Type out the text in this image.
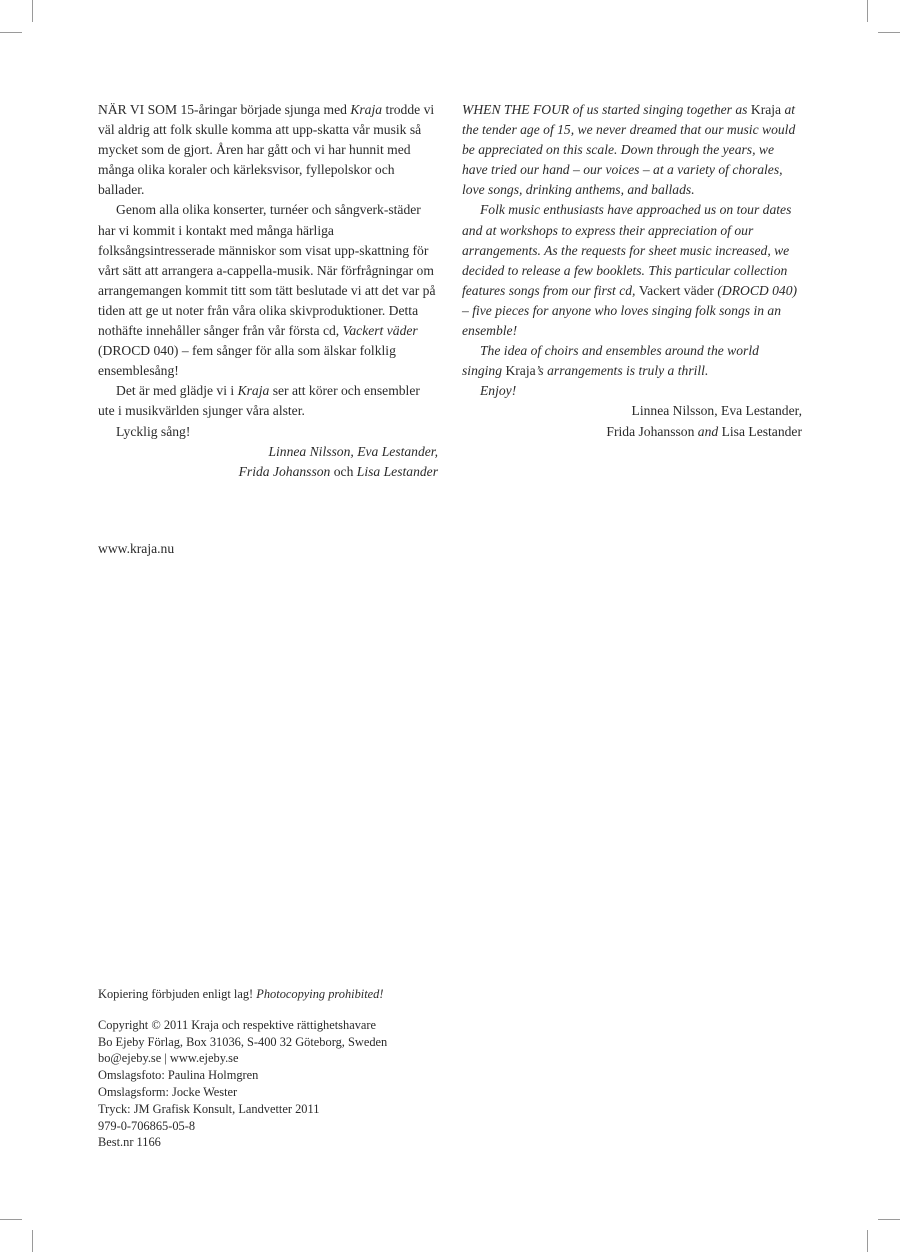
NÄR VI SOM 15-åringar började sjunga med Kraja trodde vi väl aldrig att folk skulle komma att upp-skatta vår musik så mycket som de gjort. Åren har gått och vi har hunnit med många olika koraler och kärleksvisor, fyllepolskor och ballader.

Genom alla olika konserter, turnéer och sångverk-städer har vi kommit i kontakt med många härliga folksångsintresserade människor som visat upp-skattning för vårt sätt att arrangera a-cappella-musik. När förfrågningar om arrangemangen kommit titt som tätt beslutade vi att det var på tiden att ge ut noter från våra olika skivproduktioner. Detta nothäfte innehåller sånger från vår första cd, Vackert väder (DROCD 040) – fem sånger för alla som älskar folklig ensemblesång!

Det är med glädje vi i Kraja ser att körer och ensembler ute i musikvärlden sjunger våra alster.

Lycklig sång!

Linnea Nilsson, Eva Lestander,

Frida Johansson och Lisa Lestander

WHEN THE FOUR of us started singing together as Kraja at the tender age of 15, we never dreamed that our music would be appreciated on this scale. Down through the years, we have tried our hand – our voices – at a variety of chorales, love songs, drinking anthems, and ballads.

Folk music enthusiasts have approached us on tour dates and at workshops to express their appreciation of our arrangements. As the requests for sheet music increased, we decided to release a few booklets. This particular collection features songs from our first cd, Vackert väder (DROCD 040) – five pieces for anyone who loves singing folk songs in an ensemble!

The idea of choirs and ensembles around the world singing Kraja’s arrangements is truly a thrill.

Enjoy!

Linnea Nilsson, Eva Lestander,

Frida Johansson and Lisa Lestander

www.kraja.nu
Kopiering förbjuden enligt lag! Photocopying prohibited!
Copyright © 2011 Kraja och respektive rättighetshavare
Bo Ejeby Förlag, Box 31036, S-400 32 Göteborg, Sweden
bo@ejeby.se | www.ejeby.se
Omslagsfoto: Paulina Holmgren
Omslagsform: Jocke Wester
Tryck: JM Grafisk Konsult, Landvetter 2011
979-0-706865-05-8
Best.nr 1166
